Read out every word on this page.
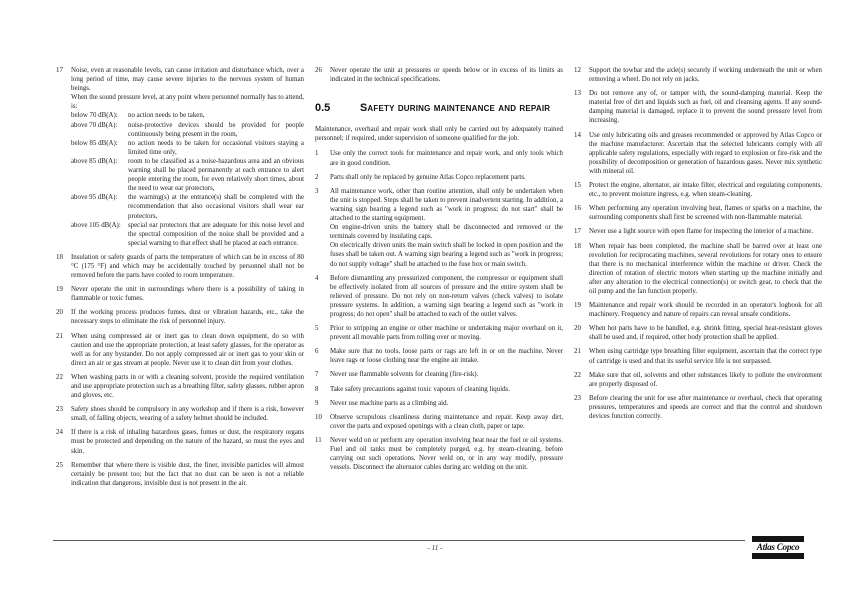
17	Noise, even at reasonable levels, can cause irritation and disturbance which, over a long period of time, may cause severe injuries to the nervous system of human beings.

When the sound pressure level, at any point where personnel normally has to attend, is:

below 70 dB(A):	no action needs to be taken,
above 70 dB(A):	noise-protective devices should be provided for people continuously being present in the room,
below 85 dB(A):	no action needs to be taken for occasional visitors staying a limited time only,
above 85 dB(A):	room to be classified as a noise-hazardous area and an obvious warning shall be placed permanently at each entrance to alert people entering the room, for even relatively short times, about the need to wear ear protectors,
above 95 dB(A):	the warning(s) at the entrance(s) shall be completed with the recommendation that also occasional visitors shall wear ear protectors,
above 105 dB(A):	special ear protectors that are adequate for this noise level and the spectral composition of the noise shall be provided and a special warning to that effect shall be placed at each entrance.
18	Insulation or safety guards of parts the temperature of which can be in excess of 80 °C (175 °F) and which may be accidentally touched by personnel shall not be removed before the parts have cooled to room temperature.

19	Never operate the unit in surroundings where there is a possibility of taking in flammable or toxic fumes.

20	If the working process produces fumes, dust or vibration hazards, etc., take the necessary steps to eliminate the risk of personnel injury.

21	When using compressed air or inert gas to clean down equipment, do so with caution and use the appropriate protection, at least safety glasses, for the operator as well as for any bystander. Do not apply compressed air or inert gas to your skin or direct an air or gas stream at people. Never use it to clean dirt from your clothes.

22	When washing parts in or with a cleaning solvent, provide the required ventilation and use appropriate protection such as a breathing filter, safety glasses, rubber apron and gloves, etc.

23	Safety shoes should be compulsory in any workshop and if there is a risk, however small, of falling objects, wearing of a safety helmet should be included.

24	If there is a risk of inhaling hazardous gases, fumes or dust, the respiratory organs must be protected and depending on the nature of the hazard, so must the eyes and skin.

25	Remember that where there is visible dust, the finer, invisible particles will almost certainly be present too; but the fact that no dust can be seen is not a reliable indication that dangerous, invisible dust is not present in the air.

26	Never operate the unit at pressures or speeds below or in excess of its limits as indicated in the technical specifications.

0.5	Safety during maintenance and repair

Maintenance, overhaul and repair work shall only be carried out by adequately trained personnel; if required, under supervision of someone qualified for the job.

1	Use only the correct tools for maintenance and repair work, and only tools which are in good condition.

2	Parts shall only be replaced by genuine Atlas Copco replacement parts.

3	All maintenance work, other than routine attention, shall only be undertaken when the unit is stopped. Steps shall be taken to prevent inadvertent starting. In addition, a warning sign bearing a legend such as "work in progress; do not start" shall be attached to the starting equipment.

On engine-driven units the battery shall be disconnected and removed or the terminals covered by insulating caps.

On electrically driven units the main switch shall be locked in open position and the fuses shall be taken out. A warning sign bearing a legend such as "work in progress; do not supply voltage" shall be attached to the fuse box or main switch.

4	Before dismantling any pressurized component, the compressor or equipment shall be effectively isolated from all sources of pressure and the entire system shall be relieved of pressure. Do not rely on non-return valves (check valves) to isolate pressure systems. In addition, a warning sign bearing a legend such as "work in progress; do not open" shall be attached to each of the outlet valves.

5	Prior to stripping an engine or other machine or undertaking major overhaul on it, prevent all movable parts from rolling over or moving.

6	Make sure that no tools, loose parts or rags are left in or on the machine. Never leave rags or loose clothing near the engine air intake.

7	Never use flammable solvents for cleaning (fire-risk).

8	Take safety precautions against toxic vapours of cleaning liquids.

9	Never use machine parts as a climbing aid.

10	Observe scrupulous cleanliness during maintenance and repair. Keep away dirt, cover the parts and exposed openings with a clean cloth, paper or tape.

11	Never weld on or perform any operation involving heat near the fuel or oil systems. Fuel and oil tanks must be completely purged, e.g. by steam-cleaning, before carrying out such operations. Never weld on, or in any way modify, pressure vessels. Disconnect the alternator cables during arc welding on the unit.

12	Support the towbar and the axle(s) securely if working underneath the unit or when removing a wheel. Do not rely on jacks.

13	Do not remove any of, or tamper with, the sound-damping material. Keep the material free of dirt and liquids such as fuel, oil and cleansing agents. If any sound-damping material is damaged, replace it to prevent the sound pressure level from increasing.

14	Use only lubricating oils and greases recommended or approved by Atlas Copco or the machine manufacturer. Ascertain that the selected lubricants comply with all applicable safety regulations, especially with regard to explosion or fire-risk and the possibility of decomposition or generation of hazardous gases. Never mix synthetic with mineral oil.

15	Protect the engine, alternator, air intake filter, electrical and regulating components, etc., to prevent moisture ingress, e.g. when steam-cleaning.

16	When performing any operation involving heat, flames or sparks on a machine, the surrounding components shall first be screened with non-flammable material.

17	Never use a light source with open flame for inspecting the interior of a machine.

18	When repair has been completed, the machine shall be barred over at least one revolution for reciprocating machines, several revolutions for rotary ones to ensure that there is no mechanical interference within the machine or driver. Check the direction of rotation of electric motors when starting up the machine initially and after any alteration to the electrical connection(s) or switch gear, to check that the oil pump and the fan function properly.

19	Maintenance and repair work should be recorded in an operator's logbook for all machinery. Frequency and nature of repairs can reveal unsafe conditions.

20	When hot parts have to be handled, e.g. shrink fitting, special heat-resistant gloves shall be used and, if required, other body protection shall be applied.

21	When using cartridge type breathing filter equipment, ascertain that the correct type of cartridge is used and that its useful service life is not surpassed.

22	Make sure that oil, solvents and other substances likely to pollute the environment are properly disposed of.

23	Before clearing the unit for use after maintenance or overhaul, check that operating pressures, temperatures and speeds are correct and that the control and shutdown devices function correctly.

- 11 -	Atlas Copco
